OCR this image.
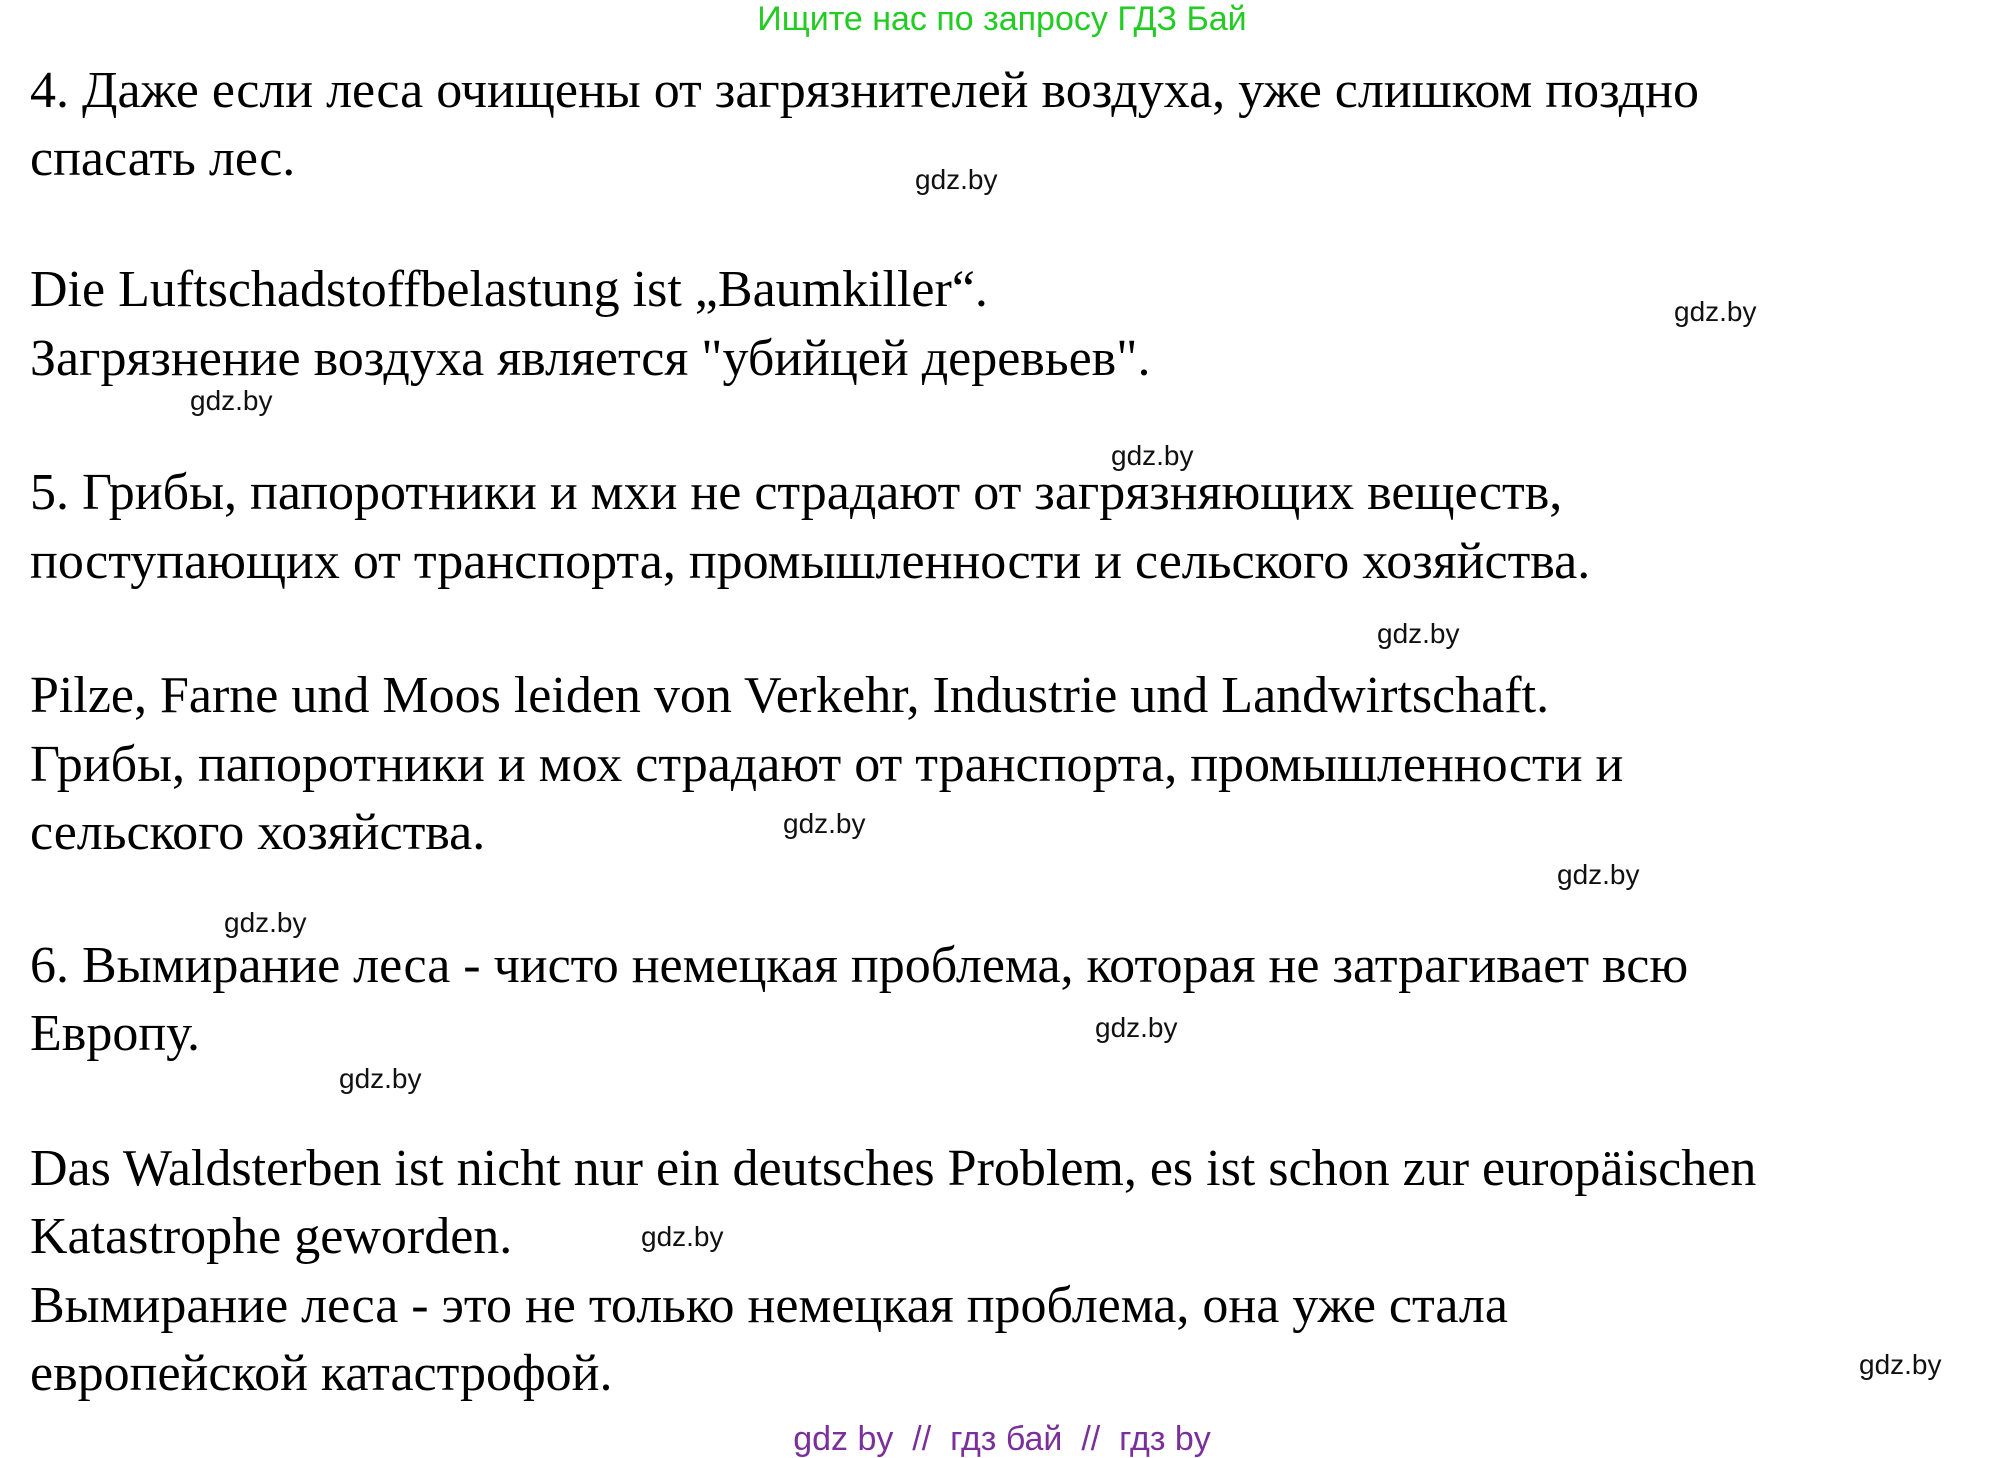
Ищите нас по запросу ГДЗ Бай
4. Даже если леса очищены от загрязнителей воздуха, уже слишком поздно
спасать лес.
Die Luftschadstoffbelastung ist „Baumkiller“.
Загрязнение воздуха является "убийцей деревьев".
5. Грибы, папоротники и мхи не страдают от загрязняющих веществ,
поступающих от транспорта, промышленности и сельского хозяйства.
Pilze, Farne und Moos leiden von Verkehr, Industrie und Landwirtschaft.
Грибы, папоротники и мох страдают от транспорта, промышленности и
сельского хозяйства.
6. Вымирание леса - чисто немецкая проблема, которая не затрагивает всю
Европу.
Das Waldsterben ist nicht nur ein deutsches Problem, es ist schon zur europäischen
Katastrophe geworden.
Вымирание леса - это не только немецкая проблема, она уже стала
европейской катастрофой.
gdz.by
gdz.by
gdz.by
gdz.by
gdz.by
gdz.by
gdz.by
gdz.by
gdz.by
gdz.by
gdz.by
gdz.by
gdz by  //  гдз бай  //  гдз by
